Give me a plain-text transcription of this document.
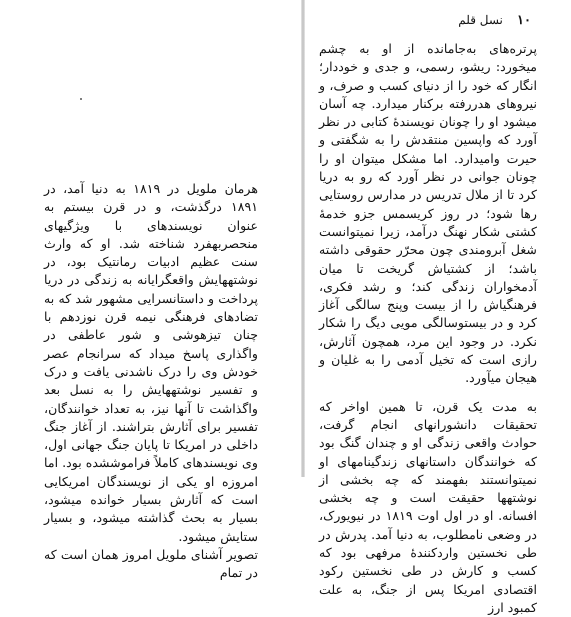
هرمان ملویل در ۱۸۱۹ به دنیا آمد، در ۱۸۹۱ درگذشت، و در قرن بیستم به عنوان نویسندهای با ویژگیهای منحصربهفرد شناخته شد. او که وارث سنت عظیم ادبیات رمانتیک بود، در نوشتههایش واقعگرایانه به زندگی در دریا پرداخت و داستانسرایی مشهور شد که به تضادهای فرهنگی نیمه قرن نوزدهم با چنان تیزهوشی و شور عاطفی در واگذاری پاسخ میداد که سرانجام عصر خودش وی را درک ناشدنی یافت و درک و تفسیر نوشتههایش را به نسل بعد واگذاشت تا آنها نیز، به تعداد خوانندگان، تفسیر برای آثارش بتراشند. از آغاز جنگ داخلی در امریکا تا پایان جنگ جهانی اول، وی نویسندهای کاملاً فراموششده بود. اما امروزه او یکی از نویسندگان امریکایی است که آثارش بسیار خوانده میشود، بسیار به بحث گذاشته میشود، و بسیار ستایش میشود.

تصویر آشنای ملویل امروز همان است که در تمام

۱۰ نسل قلم

پرترەهای بەجامانده از او به چشم میخورد: ریشو، رسمی، و جدی و خوددار؛ انگار که خود را از دنیای کسب و صرف، و نیروهای هدررفته برکنار میدارد. چه آسان میشود او را چونان نویسندهٔ کتابی در نظر آورد که واپسین منتقدش را به شگفتی و حیرت وامیدارد. اما مشکل میتوان او را چونان جوانی در نظر آورد که رو به دریا کرد تا از ملال تدریس در مدارس روستایی رها شود؛ در روز کریسمس جزو خدمهٔ کشتی شکار نهنگ درآمد، زیرا نمیتوانست شغل آبرومندی چون محرّر حقوقی داشته باشد؛ از کشتیاش گریخت تا میان آدمخواران زندگی کند؛ و رشد فکری، فرهنگیاش را از بیست وپنج سالگی آغاز کرد و در بیستوسالگی مویی دیگ را شکار نکرد. در وجود این مرد، همچون آثارش، رازی است که تخیل آدمی را به غلیان و هیجان میآورد.

به مدت یک قرن، تا همین اواخر که تحقیقات دانشورانهای انجام گرفت، حوادث واقعی زندگی او و چندان گنگ بود که خوانندگان داستانهای زندگینامهای او نمیتوانستند بفهمند که چه بخشی از نوشتهها حقیقت است و چه بخشی افسانه. او در اول اوت ۱۸۱۹ در نیویورک، در وضعی نامطلوب، به دنیا آمد. پدرش در طی نخستین واردکنندهٔ مرفهی بود که کسب و کارش در طی نخستین رکود اقتصادی امریکا پس از جنگ، به علت کمبود ارز
